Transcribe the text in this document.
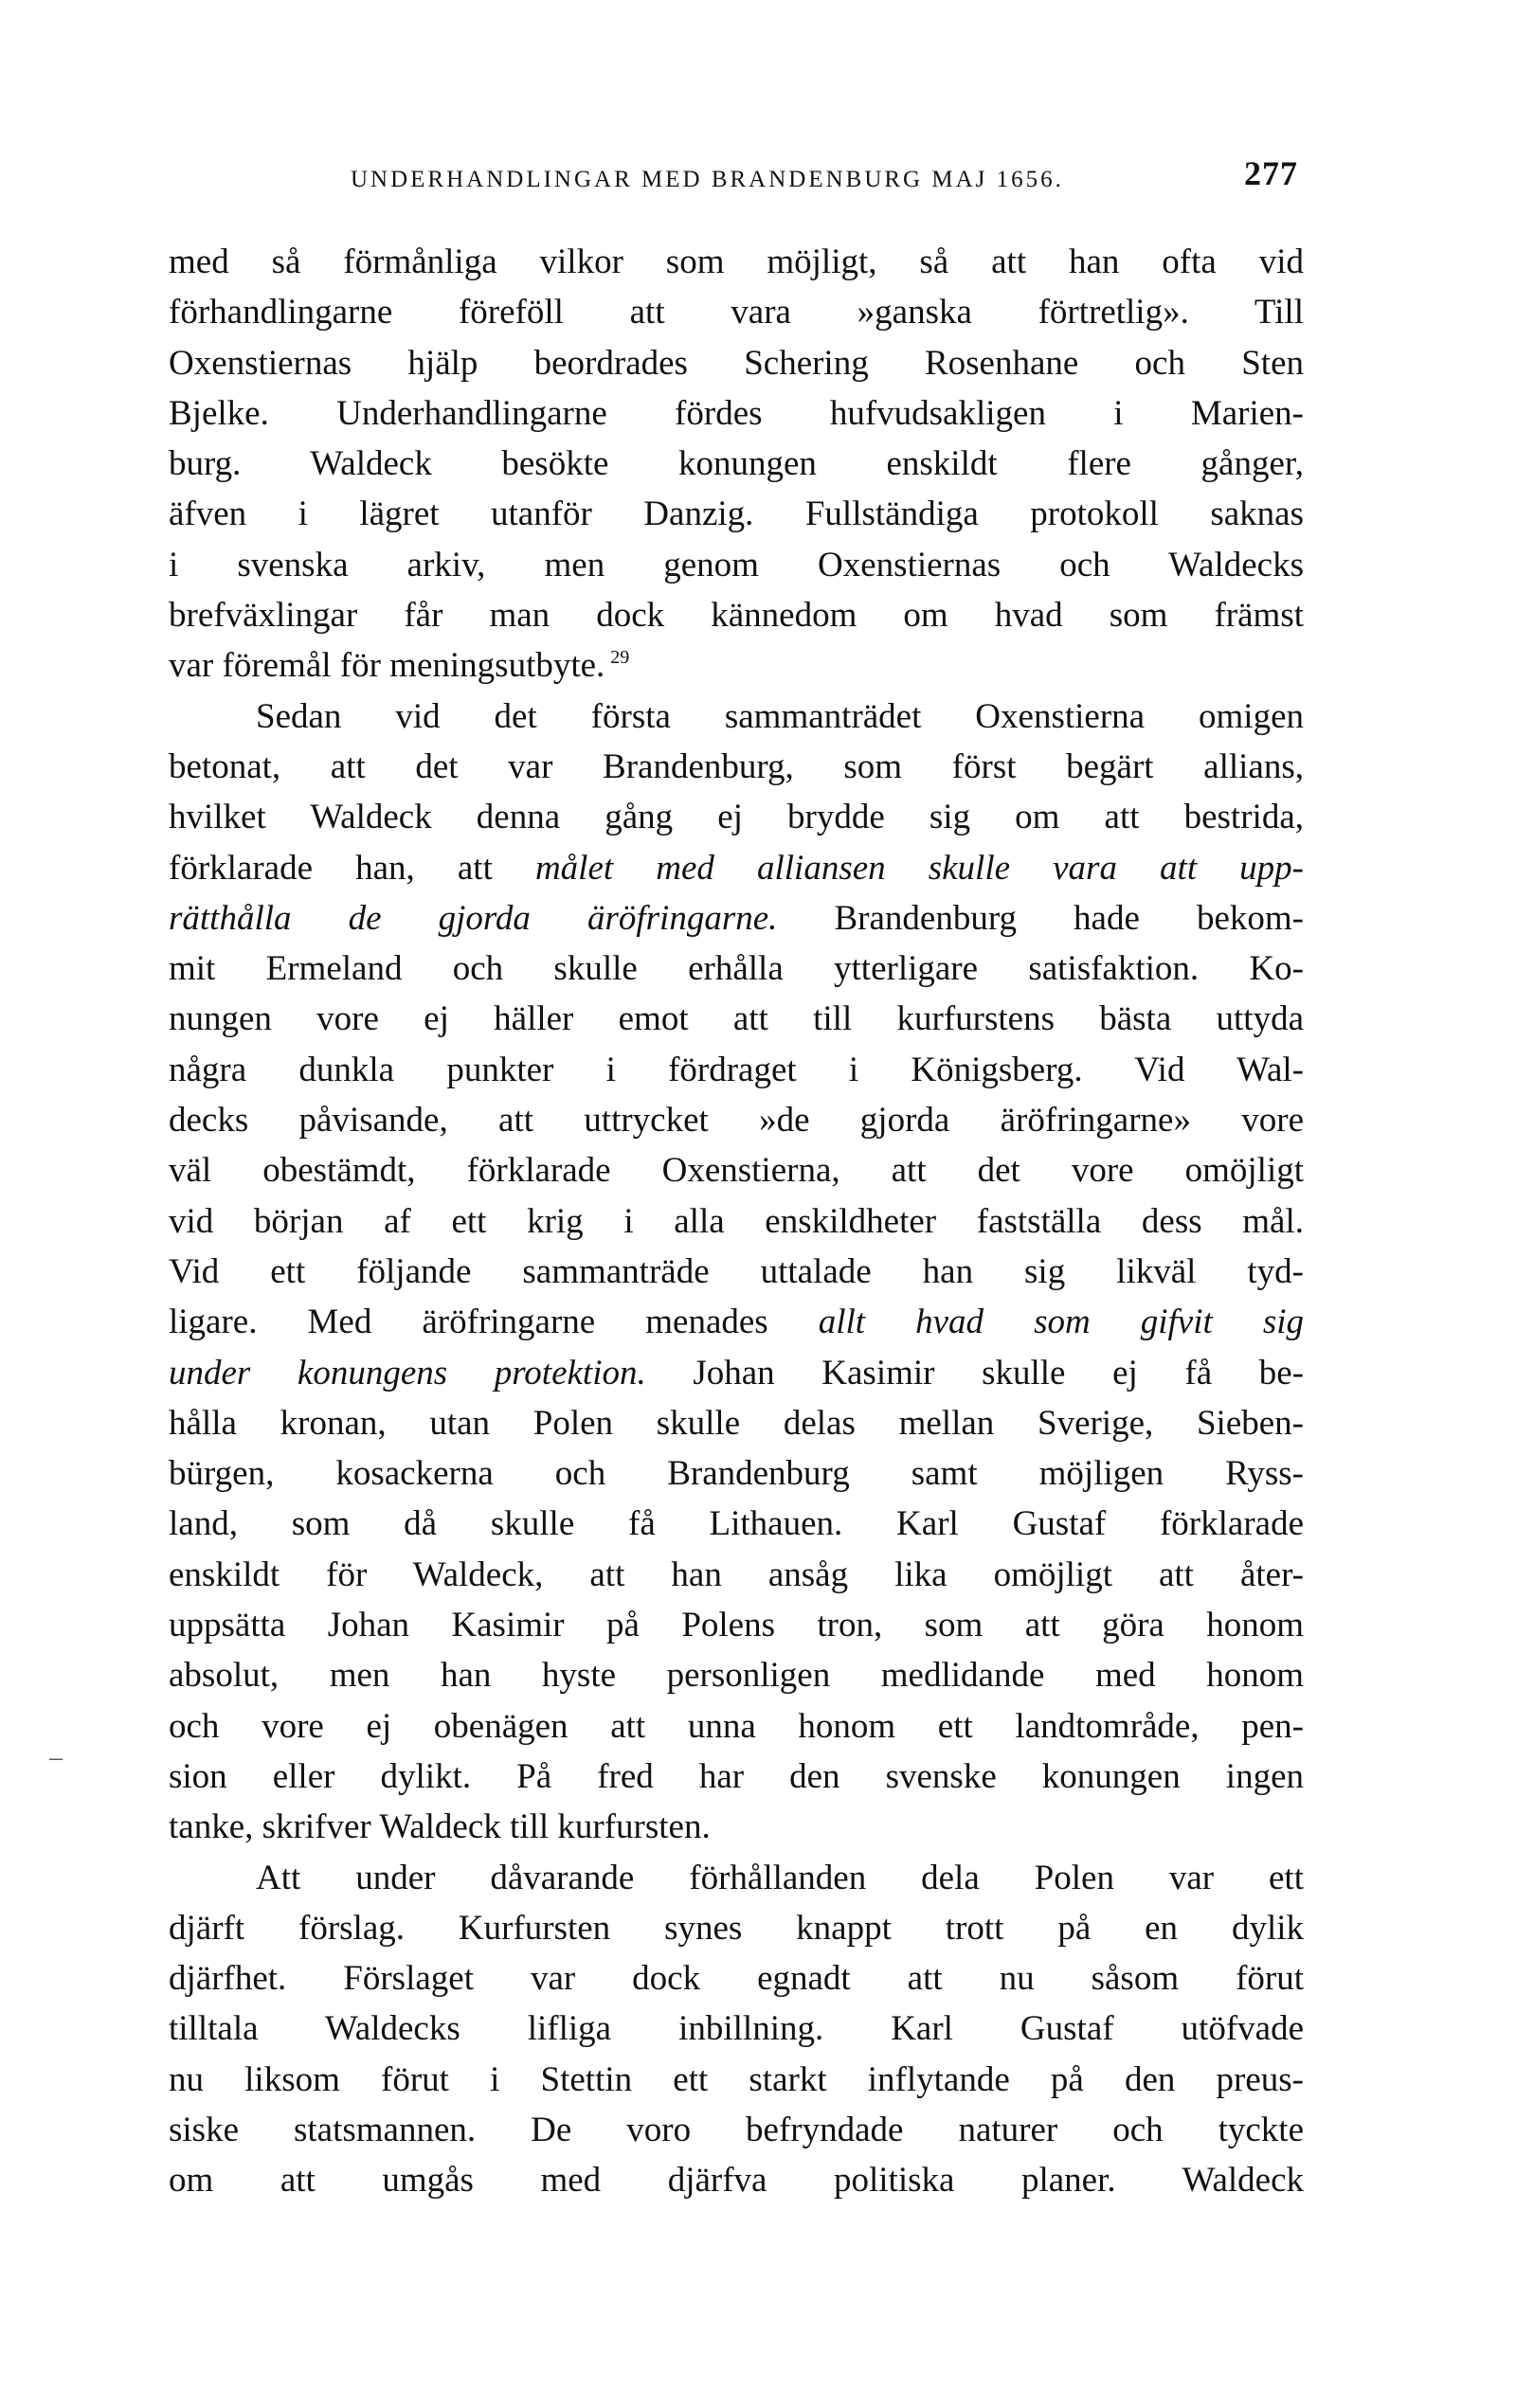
UNDERHANDLINGAR MED BRANDENBURG MAJ 1656.	277
med så förmånliga vilkor som möjligt, så att han ofta vid
förhandlingarne föreföll att vara »ganska förtretlig». Till
Oxenstiernas hjälp beordrades Schering Rosenhane och Sten
Bjelke. Underhandlingarne fördes hufvudsakligen i Marien-
burg. Waldeck besökte konungen enskildt flere gånger,
äfven i lägret utanför Danzig. Fullständiga protokoll saknas
i svenska arkiv, men genom Oxenstiernas och Waldecks
brefväxlingar får man dock kännedom om hvad som främst
var föremål för meningsutbyte. $^{29}$
Sedan vid det första sammanträdet Oxenstierna omigen
betonat, att det var Brandenburg, som först begärt allians,
hvilket Waldeck denna gång ej brydde sig om att bestrida,
förklarade han, att målet med alliansen skulle vara att upp-
rätthålla de gjorda äröfringarne. Brandenburg hade bekom-
mit Ermeland och skulle erhålla ytterligare satisfaktion. Ko-
nungen vore ej häller emot att till kurfurstens bästa uttyda
några dunkla punkter i fördraget i Königsberg. Vid Wal-
decks påvisande, att uttrycket »de gjorda äröfringarne» vore
väl obestämdt, förklarade Oxenstierna, att det vore omöjligt
vid början af ett krig i alla enskildheter fastställa dess mål.
Vid ett följande sammanträde uttalade han sig likväl tyd-
ligare. Med äröfringarne menades allt hvad som gifvit sig
under konungens protektion. Johan Kasimir skulle ej få be-
hålla kronan, utan Polen skulle delas mellan Sverige, Sieben-
bürgen, kosackerna och Brandenburg samt möjligen Ryss-
land, som då skulle få Lithauen. Karl Gustaf förklarade
enskildt för Waldeck, att han ansåg lika omöjligt att åter-
uppsätta Johan Kasimir på Polens tron, som att göra honom
absolut, men han hyste personligen medlidande med honom
och vore ej obenägen att unna honom ett landtområde, pen-
sion eller dylikt. På fred har den svenske konungen ingen
tanke, skrifver Waldeck till kurfursten.
Att under dåvarande förhållanden dela Polen var ett
djärft förslag. Kurfursten synes knappt trott på en dylik
djärfhet. Förslaget var dock egnadt att nu såsom förut
tilltala Waldecks lifliga inbillning. Karl Gustaf utöfvade
nu liksom förut i Stettin ett starkt inflytande på den preus-
siske statsmannen. De voro befryndade naturer och tyckte
om att umgås med djärfva politiska planer. Waldeck
–
